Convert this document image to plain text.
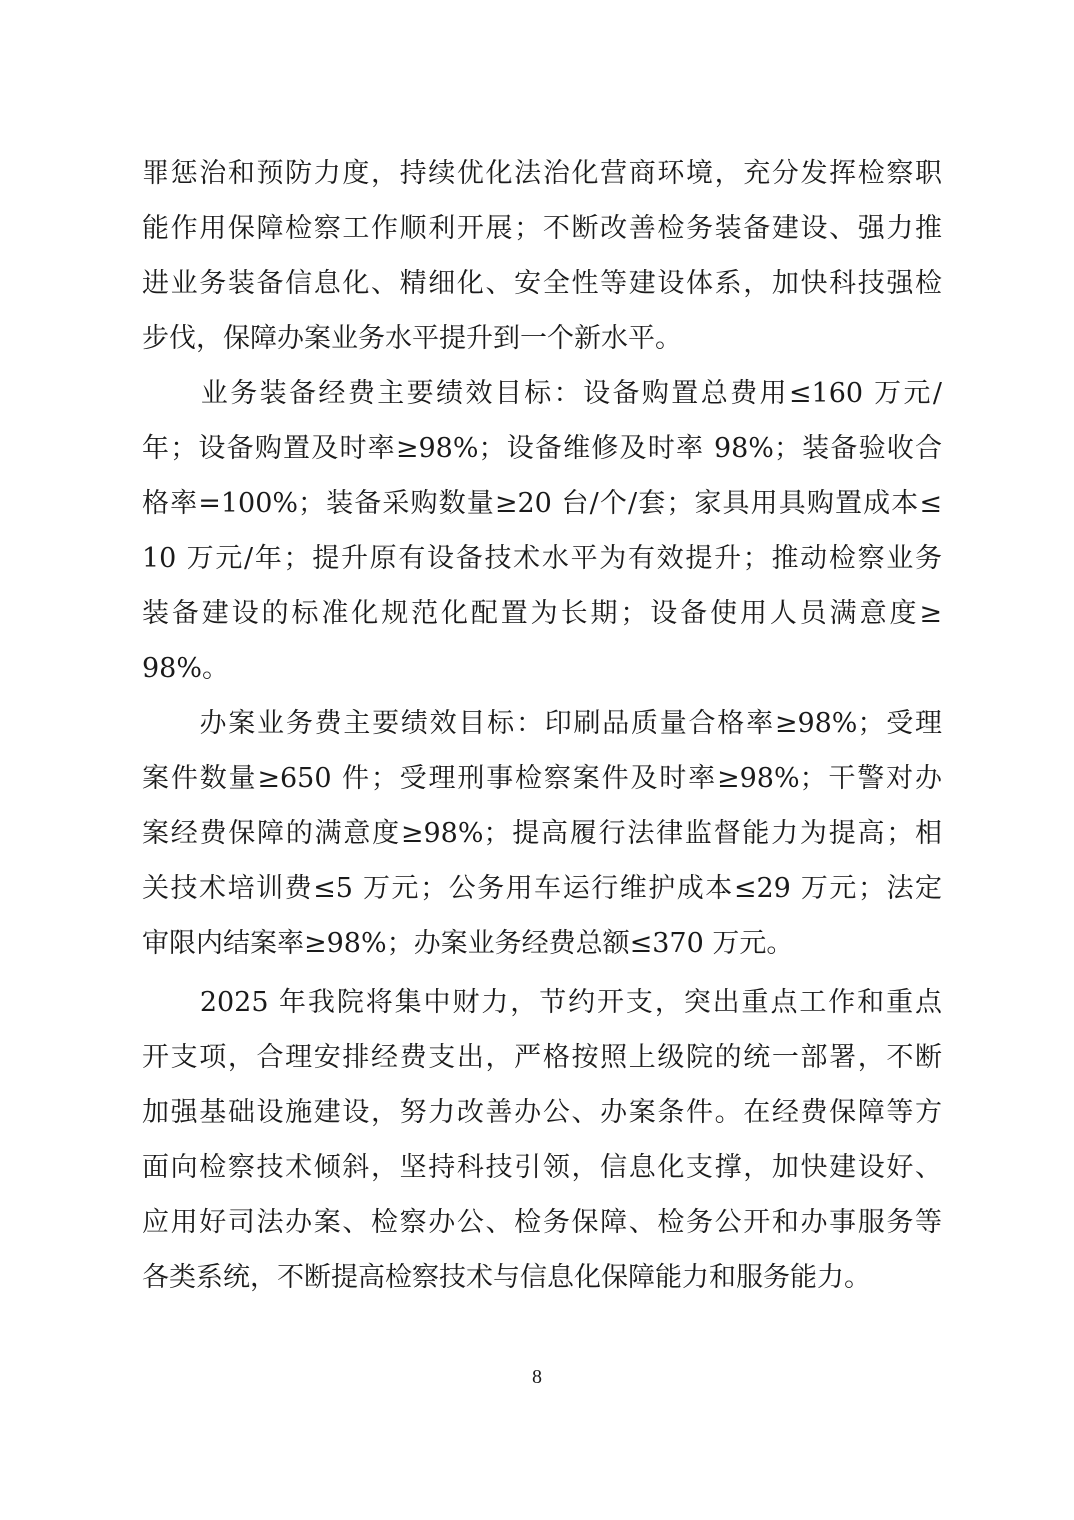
罪惩治和预防力度，持续优化法治化营商环境，充分发挥检察职
能作用保障检察工作顺利开展；不断改善检务装备建设、强力推
进业务装备信息化、精细化、安全性等建设体系，加快科技强检
步伐，保障办案业务水平提升到一个新水平。
　　业务装备经费主要绩效目标：设备购置总费用≤160 万元/
年；设备购置及时率≥98%；设备维修及时率 98%；装备验收合
格率=100%；装备采购数量≥20 台/个/套；家具用具购置成本≤
10 万元/年；提升原有设备技术水平为有效提升；推动检察业务
装备建设的标准化规范化配置为长期；设备使用人员满意度≥
98%。
　　办案业务费主要绩效目标：印刷品质量合格率≥98%；受理
案件数量≥650 件；受理刑事检察案件及时率≥98%；干警对办
案经费保障的满意度≥98%；提高履行法律监督能力为提高；相
关技术培训费≤5 万元；公务用车运行维护成本≤29 万元；法定
审限内结案率≥98%；办案业务经费总额≤370 万元。
　　2025 年我院将集中财力，节约开支，突出重点工作和重点
开支项，合理安排经费支出，严格按照上级院的统一部署，不断
加强基础设施建设，努力改善办公、办案条件。在经费保障等方
面向检察技术倾斜，坚持科技引领，信息化支撑，加快建设好、
应用好司法办案、检察办公、检务保障、检务公开和办事服务等
各类系统，不断提高检察技术与信息化保障能力和服务能力。
8
